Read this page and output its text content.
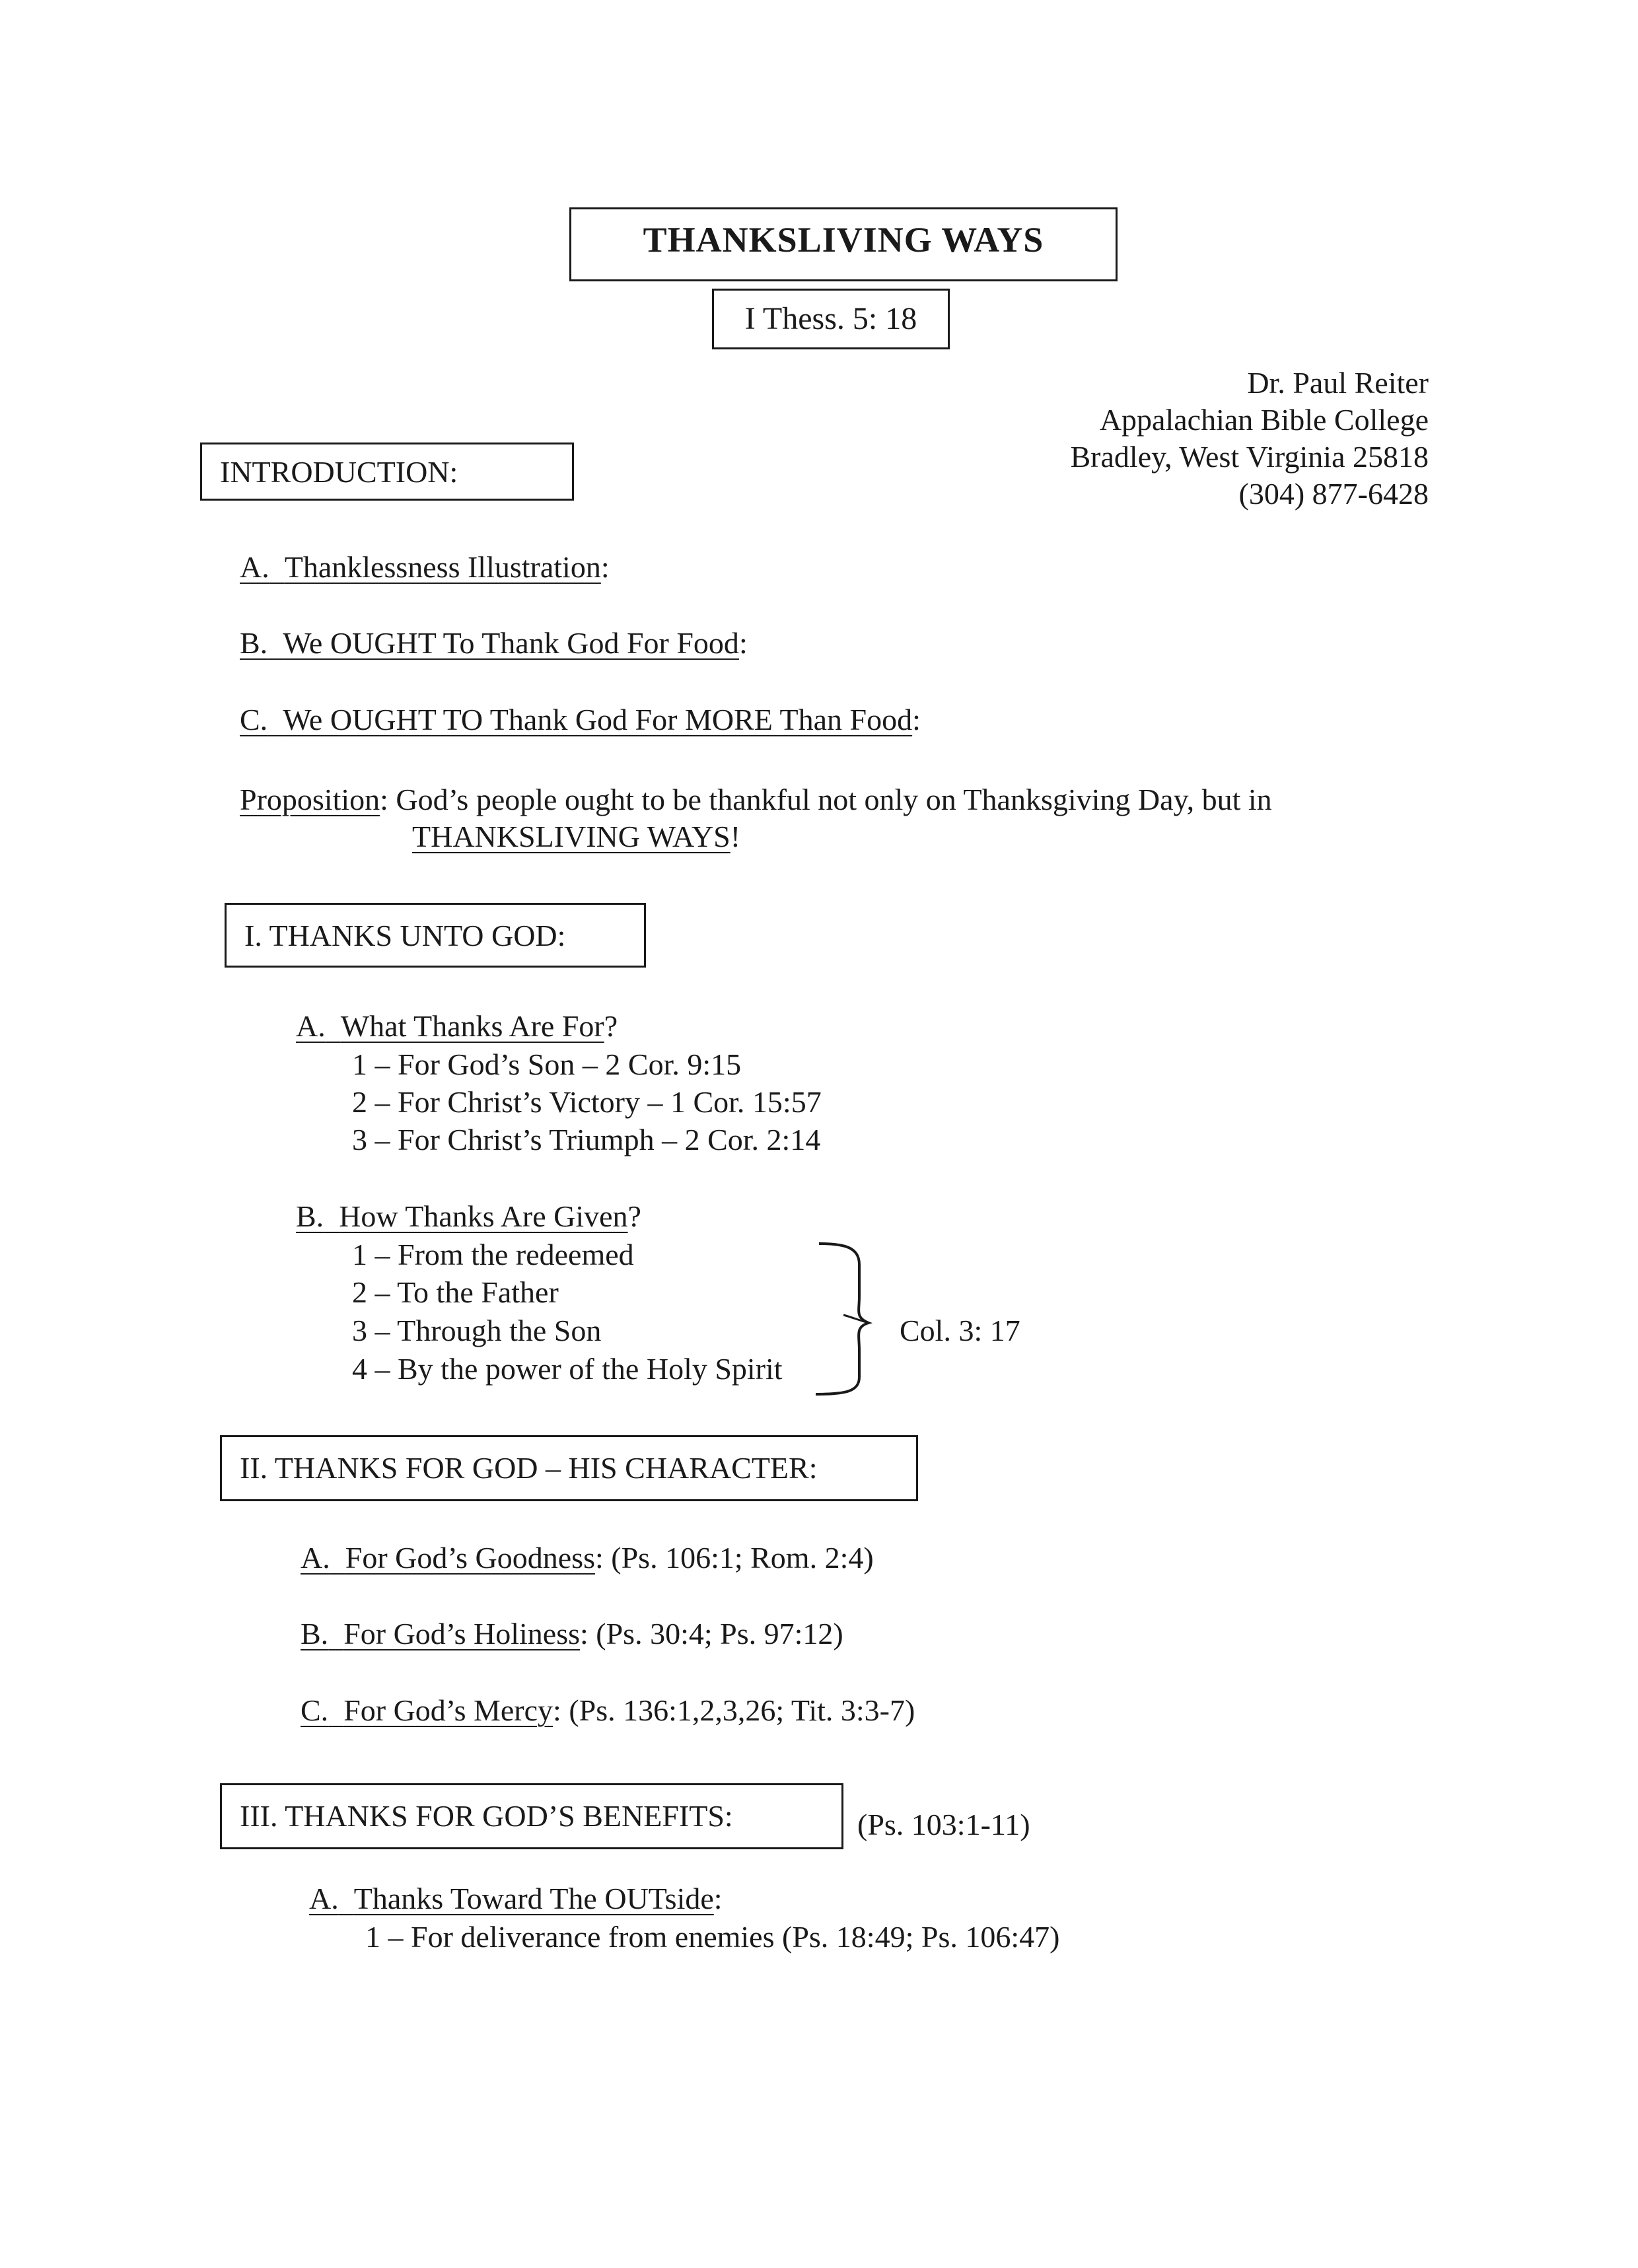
THANKSLIVING WAYS
I Thess. 5: 18
Dr. Paul Reiter
Appalachian Bible College
Bradley, West Virginia 25818
(304) 877-6428
INTRODUCTION:
A. Thanklessness Illustration:
B. We OUGHT To Thank God For Food:
C. We OUGHT TO Thank God For MORE Than Food:
Proposition: God’s people ought to be thankful not only on Thanksgiving Day, but in
THANKSLIVING WAYS!
I. THANKS UNTO GOD:
A. What Thanks Are For?
1 – For God’s Son – 2 Cor. 9:15
2 – For Christ’s Victory – 1 Cor. 15:57
3 – For Christ’s Triumph – 2 Cor. 2:14
B. How Thanks Are Given?
1 – From the redeemed
2 – To the Father
3 – Through the Son
4 – By the power of the Holy Spirit
Col. 3: 17
II. THANKS FOR GOD – HIS CHARACTER:
A. For God’s Goodness: (Ps. 106:1; Rom. 2:4)
B. For God’s Holiness: (Ps. 30:4; Ps. 97:12)
C. For God’s Mercy: (Ps. 136:1,2,3,26; Tit. 3:3-7)
III. THANKS FOR GOD’S BENEFITS:	(Ps. 103:1-11)
A. Thanks Toward The OUTside:
1 – For deliverance from enemies (Ps. 18:49; Ps. 106:47)
